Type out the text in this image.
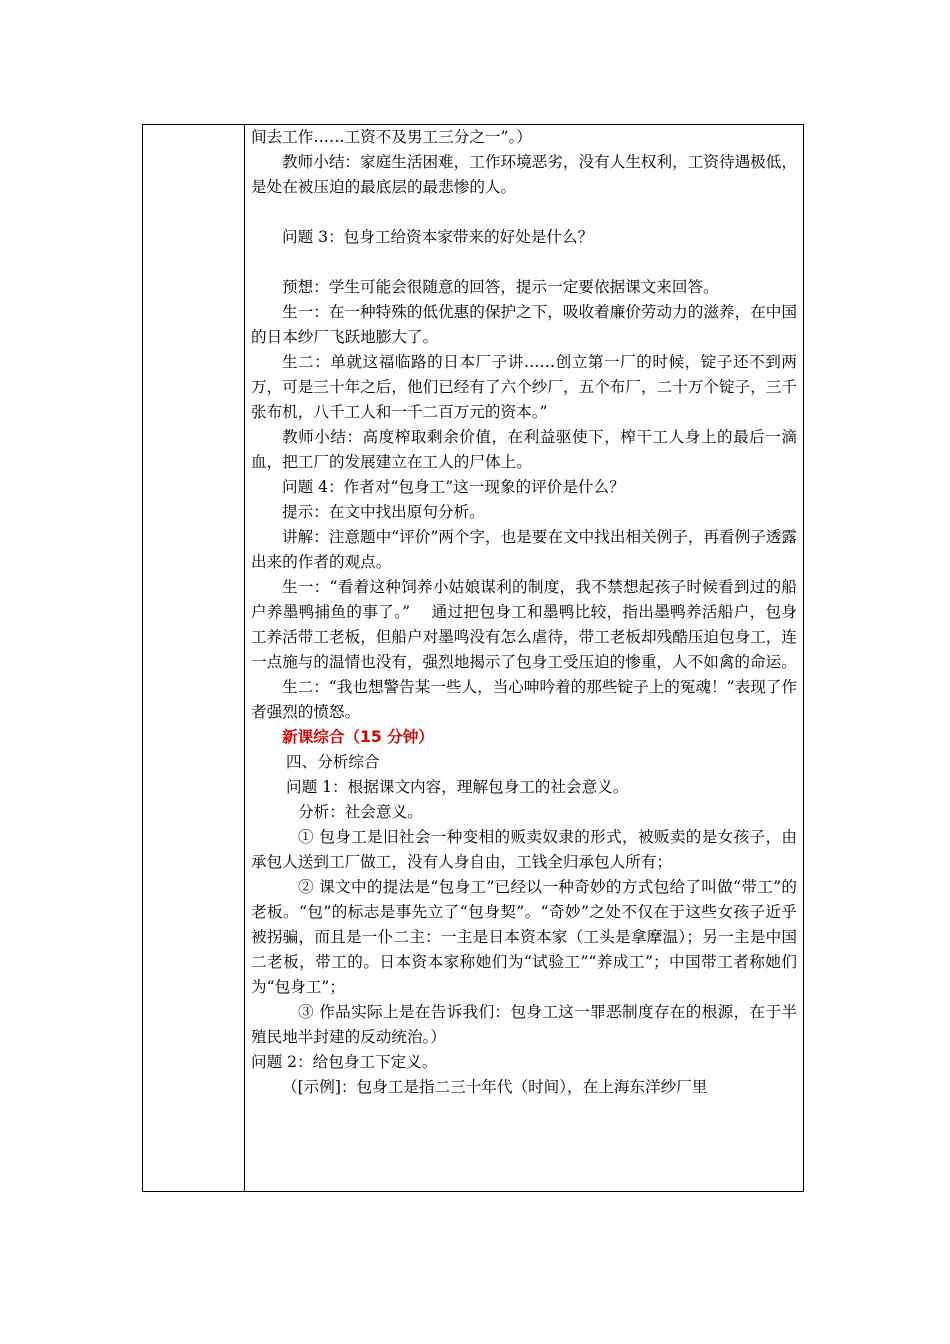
间去工作……工资不及男工三分之一”。）

教师小结：家庭生活困难，工作环境恶劣，没有人生权利，工资待遇极低，是处在被压迫的最底层的最悲惨的人。

问题 3：包身工给资本家带来的好处是什么？

预想：学生可能会很随意的回答，提示一定要依据课文来回答。

生一：在一种特殊的低优惠的保护之下，吸收着廉价劳动力的滋养，在中国的日本纱厂飞跃地膨大了。

生二：单就这福临路的日本厂子讲……创立第一厂的时候，锭子还不到两万，可是三十年之后，他们已经有了六个纱厂，五个布厂，二十万个锭子，三千张布机，八千工人和一千二百万元的资本。”

教师小结：高度榨取剩余价值，在利益驱使下，榨干工人身上的最后一滴血，把工厂的发展建立在工人的尸体上。

问题 4：作者对“包身工”这一现象的评价是什么？

提示：在文中找出原句分析。

讲解：注意题中“评价”两个字，也是要在文中找出相关例子，再看例子透露出来的作者的观点。

生一：“看着这种饲养小姑娘谋利的制度，我不禁想起孩子时候看到过的船户养墨鸭捕鱼的事了。”　 通过把包身工和墨鸭比较，指出墨鸭养活船户，包身工养活带工老板，但船户对墨鸣没有怎么虐待，带工老板却残酷压迫包身工，连一点施与的温情也没有，强烈地揭示了包身工受压迫的惨重，人不如禽的命运。

生二：“我也想警告某一些人，当心呻吟着的那些锭子上的冤魂！”表现了作者强烈的愤怒。

新课综合（15 分钟）

四、分析综合

问题 1：根据课文内容，理解包身工的社会意义。

分析：社会意义。

① 包身工是旧社会一种变相的贩卖奴隶的形式，被贩卖的是女孩子，由承包人送到工厂做工，没有人身自由，工钱全归承包人所有；

② 课文中的提法是“包身工”已经以一种奇妙的方式包给了叫做“带工”的老板。“包”的标志是事先立了“包身契”。“奇妙”之处不仅在于这些女孩子近乎被拐骗，而且是一仆二主：一主是日本资本家（工头是拿摩温）；另一主是中国二老板，带工的。日本资本家称她们为“试验工”“养成工”；中国带工者称她们为“包身工”；

③ 作品实际上是在告诉我们：包身工这一罪恶制度存在的根源，在于半殖民地半封建的反动统治。）

问题 2：给包身工下定义。

（[示例]：包身工是指二三十年代（时间），在上海东洋纱厂里
